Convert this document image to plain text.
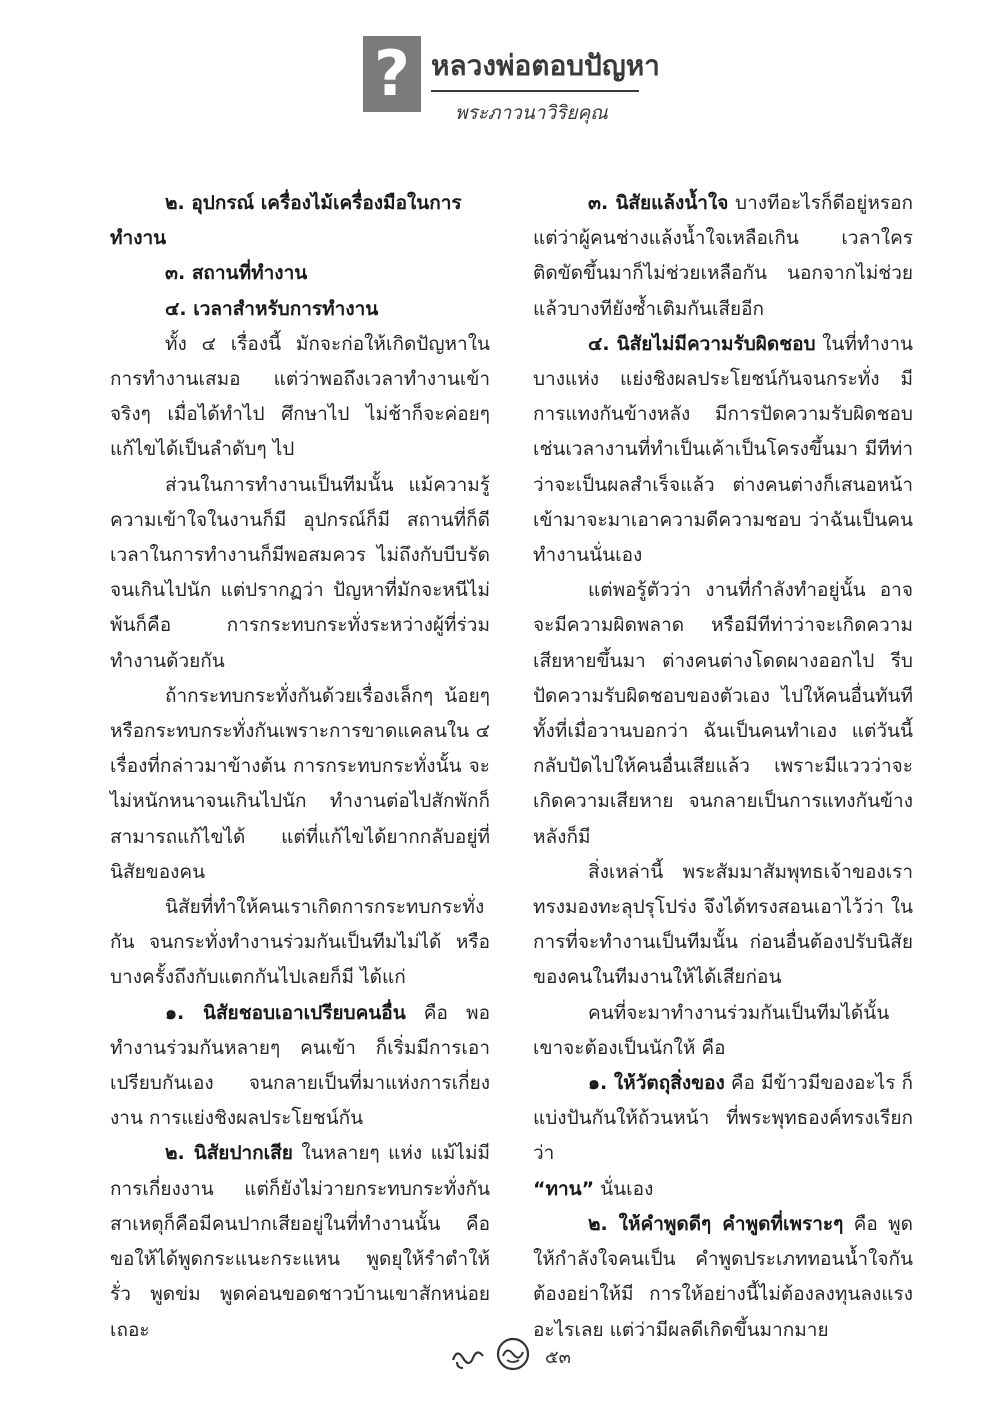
? หลวงพ่อตอบปัญหา
พระภาวนาวิริยคุณ

๒. อุปกรณ์ เครื่องไม้เครื่องมือในการ

ทำงาน

๓. สถานที่ทำงาน

๔. เวลาสำหรับการทำงาน

ทั้ง ๔ เรื่องนี้ มักจะก่อให้เกิดปัญหาในการทำงานเสมอ แต่ว่าพอถึงเวลาทำงานเข้าจริงๆ เมื่อได้ทำไป ศึกษาไป ไม่ช้าก็จะค่อยๆแก้ไขได้เป็นลำดับๆ ไป

ส่วนในการทำงานเป็นทีมนั้น แม้ความรู้ความเข้าใจในงานก็มี อุปกรณ์ก็มี สถานที่ก็ดีเวลาในการทำงานก็มีพอสมควร ไม่ถึงกับบีบรัดจนเกินไปนัก แต่ปรากฏว่า ปัญหาที่มักจะหนีไม่พ้นก็คือ การกระทบกระทั่งระหว่างผู้ที่ร่วมทำงานด้วยกัน

ถ้ากระทบกระทั่งกันด้วยเรื่องเล็กๆ น้อยๆหรือกระทบกระทั่งกันเพราะการขาดแคลนใน ๔ เรื่องที่กล่าวมาข้างต้น การกระทบกระทั่งนั้น จะไม่หนักหนาจนเกินไปนัก ทำงานต่อไปสักพักก็สามารถแก้ไขได้ แต่ที่แก้ไขได้ยากกลับอยู่ที่นิสัยของคน

นิสัยที่ทำให้คนเราเกิดการกระทบกระทั่งกัน จนกระทั่งทำงานร่วมกันเป็นทีมไม่ได้ หรือบางครั้งถึงกับแตกกันไปเลยก็มี ได้แก่

๑. นิสัยชอบเอาเปรียบคนอื่น คือ พอทำงานร่วมกันหลายๆ คนเข้า ก็เริ่มมีการเอาเปรียบกันเอง จนกลายเป็นที่มาแห่งการเกี่ยงงาน การแย่งชิงผลประโยชน์กัน

๒. นิสัยปากเสีย ในหลายๆ แห่ง แม้ไม่มีการเกี่ยงงาน แต่ก็ยังไม่วายกระทบกระทั่งกันสาเหตุก็คือมีคนปากเสียอยู่ในที่ทำงานนั้น คือขอให้ได้พูดกระแนะกระแหน พูดยุให้รำตำให้รั่ว พูดข่ม พูดค่อนขอดชาวบ้านเขาสักหน่อยเถอะ

๓. นิสัยแล้งน้ำใจ บางทีอะไรก็ดีอยู่หรอกแต่ว่าผู้คนช่างแล้งน้ำใจเหลือเกิน เวลาใครติดขัดขึ้นมาก็ไม่ช่วยเหลือกัน นอกจากไม่ช่วยแล้วบางทียังซ้ำเติมกันเสียอีก

๔. นิสัยไม่มีความรับผิดชอบ ในที่ทำงานบางแห่ง แย่งชิงผลประโยชน์กันจนกระทั่ง มีการแทงกันข้างหลัง มีการปัดความรับผิดชอบ เช่นเวลางานที่ทำเป็นเค้าเป็นโครงขึ้นมา มีทีท่าว่าจะเป็นผลสำเร็จแล้ว ต่างคนต่างก็เสนอหน้าเข้ามาจะมาเอาความดีความชอบ ว่าฉันเป็นคนทำงานนั่นเอง

แต่พอรู้ตัวว่า งานที่กำลังทำอยู่นั้น อาจจะมีความผิดพลาด หรือมีทีท่าว่าจะเกิดความเสียหายขึ้นมา ต่างคนต่างโดดผางออกไป รีบปัดความรับผิดชอบของตัวเอง ไปให้คนอื่นทันทีทั้งที่เมื่อวานบอกว่า ฉันเป็นคนทำเอง แต่วันนี้กลับปัดไปให้คนอื่นเสียแล้ว เพราะมีแววว่าจะเกิดความเสียหาย จนกลายเป็นการแทงกันข้างหลังก็มี

สิ่งเหล่านี้ พระสัมมาสัมพุทธเจ้าของเราทรงมองทะลุปรุโปร่ง จึงได้ทรงสอนเอาไว้ว่า ในการที่จะทำงานเป็นทีมนั้น ก่อนอื่นต้องปรับนิสัยของคนในทีมงานให้ได้เสียก่อน

คนที่จะมาทำงานร่วมกันเป็นทีมได้นั้น เขาจะต้องเป็นนักให้ คือ

๑. ให้วัตถุสิ่งของ คือ มีข้าวมีของอะไร ก็แบ่งปันกันให้ถ้วนหน้า ที่พระพุทธองค์ทรงเรียกว่า

“ทาน” นั่นเอง

๒. ให้คำพูดดีๆ คำพูดที่เพราะๆ คือ พูดให้กำลังใจคนเป็น คำพูดประเภททอนน้ำใจกันต้องอย่าให้มี การให้อย่างนี้ไม่ต้องลงทุนลงแรงอะไรเลย แต่ว่ามีผลดีเกิดขึ้นมากมาย

๕๓
